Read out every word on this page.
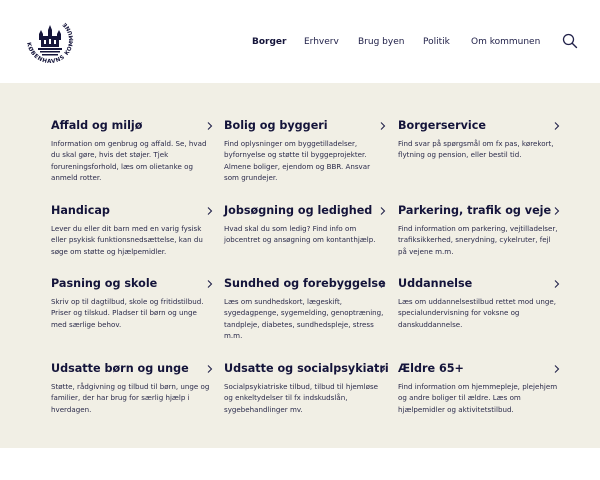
KØBENHAVNS KOMMUNE
Borger Erhverv Brug byen Politik Om kommunen
Affald og miljø
Information om genbrug og affald. Se, hvad du skal gøre, hvis det støjer. Tjek forureningsforhold, læs om olietanke og anmeld rotter.
Bolig og byggeri
Find oplysninger om byggetilladelser, byfornyelse og støtte til byggeprojekter. Almene boliger, ejendom og BBR. Ansvar som grundejer.
Borgerservice
Find svar på spørgsmål om fx pas, kørekort, flytning og pension, eller bestil tid.
Handicap
Lever du eller dit barn med en varig fysisk eller psykisk funktionsnedsættelse, kan du søge om støtte og hjælpemidler.
Jobsøgning og ledighed
Hvad skal du som ledig? Find info om jobcentret og ansøgning om kontanthjælp.
Parkering, trafik og veje
Find information om parkering, vejtilladelser, trafiksikkerhed, snerydning, cykelruter, fejl på vejene m.m.
Pasning og skole
Skriv op til dagtilbud, skole og fritidstilbud. Priser og tilskud. Pladser til børn og unge med særlige behov.
Sundhed og forebyggelse
Læs om sundhedskort, lægeskift, sygedagpenge, sygemelding, genoptræning, tandpleje, diabetes, sundhedspleje, stress m.m.
Uddannelse
Læs om uddannelsestilbud rettet mod unge, specialundervisning for voksne og danskuddannelse.
Udsatte børn og unge
Støtte, rådgivning og tilbud til børn, unge og familier, der har brug for særlig hjælp i hverdagen.
Udsatte og socialpsykiatri
Socialpsykiatriske tilbud, tilbud til hjemløse og enkeltydelser til fx indskudslån, sygebehandlinger mv.
Ældre 65+
Find information om hjemmepleje, plejehjem og andre boliger til ældre. Læs om hjælpemidler og aktivitetstilbud.
